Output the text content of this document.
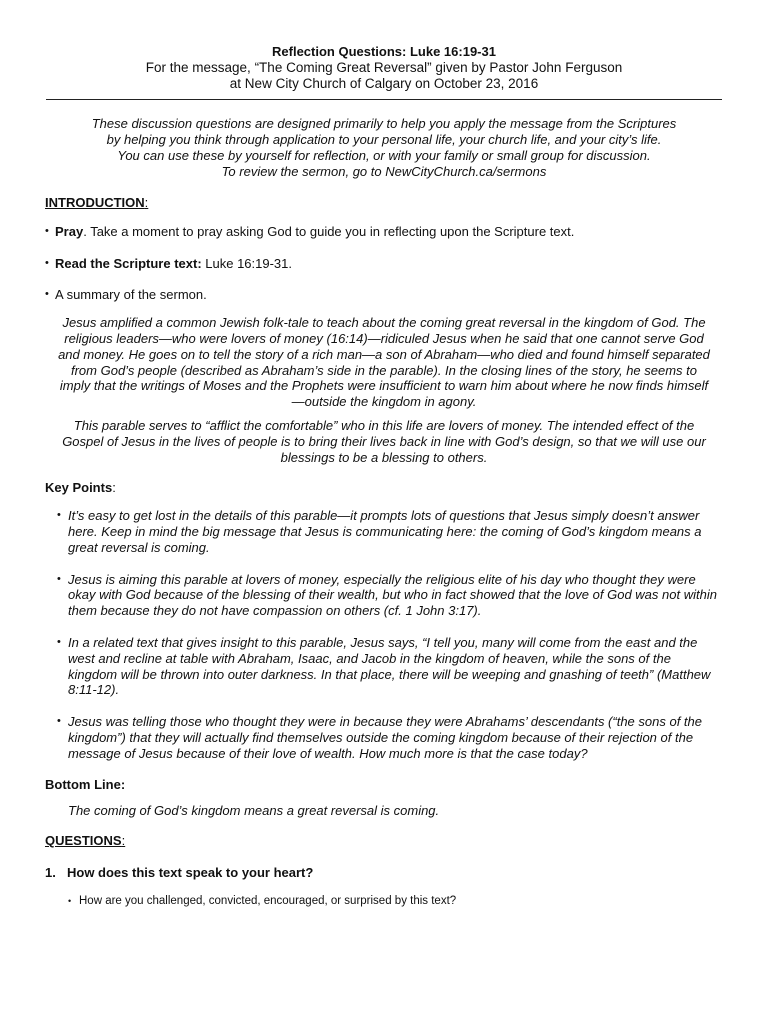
Reflection Questions: Luke 16:19-31
For the message, “The Coming Great Reversal” given by Pastor John Ferguson
at New City Church of Calgary on October 23, 2016
These discussion questions are designed primarily to help you apply the message from the Scriptures
by helping you think through application to your personal life, your church life, and your city’s life.
You can use these by yourself for reflection, or with your family or small group for discussion.
To review the sermon, go to NewCityChurch.ca/sermons
INTRODUCTION:
• Pray. Take a moment to pray asking God to guide you in reflecting upon the Scripture text.
• Read the Scripture text: Luke 16:19-31.
• A summary of the sermon.
Jesus amplified a common Jewish folk-tale to teach about the coming great reversal in the kingdom of God. The religious leaders—who were lovers of money (16:14)—ridiculed Jesus when he said that one cannot serve God and money. He goes on to tell the story of a rich man—a son of Abraham—who died and found himself separated from God’s people (described as Abraham’s side in the parable). In the closing lines of the story, he seems to imply that the writings of Moses and the Prophets were insufficient to warn him about where he now finds himself—outside the kingdom in agony.
This parable serves to “afflict the comfortable” who in this life are lovers of money. The intended effect of the Gospel of Jesus in the lives of people is to bring their lives back in line with God’s design, so that we will use our blessings to be a blessing to others.
Key Points:
• It’s easy to get lost in the details of this parable—it prompts lots of questions that Jesus simply doesn’t answer here. Keep in mind the big message that Jesus is communicating here: the coming of God’s kingdom means a great reversal is coming.
• Jesus is aiming this parable at lovers of money, especially the religious elite of his day who thought they were okay with God because of the blessing of their wealth, but who in fact showed that the love of God was not within them because they do not have compassion on others (cf. 1 John 3:17).
• In a related text that gives insight to this parable, Jesus says, “I tell you, many will come from the east and the west and recline at table with Abraham, Isaac, and Jacob in the kingdom of heaven, while the sons of the kingdom will be thrown into outer darkness. In that place, there will be weeping and gnashing of teeth” (Matthew 8:11-12).
• Jesus was telling those who thought they were in because they were Abrahams’ descendants (“the sons of the kingdom”) that they will actually find themselves outside the coming kingdom because of their rejection of the message of Jesus because of their love of wealth. How much more is that the case today?
Bottom Line:
The coming of God’s kingdom means a great reversal is coming.
QUESTIONS:
1. How does this text speak to your heart?
• How are you challenged, convicted, encouraged, or surprised by this text?
